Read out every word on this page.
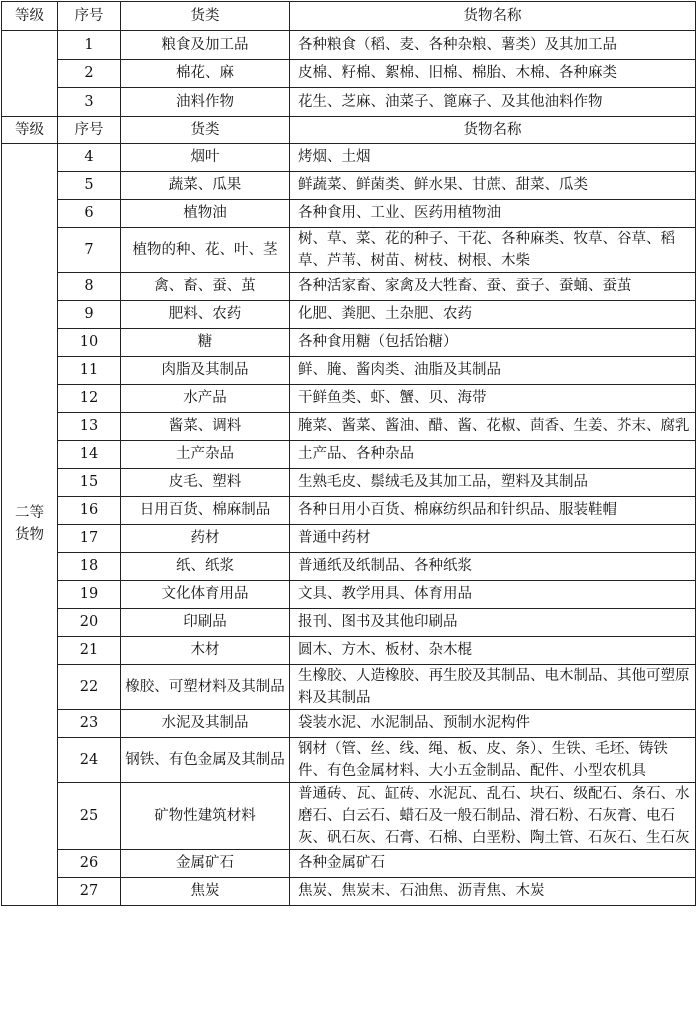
等级	序号	货类	货物名称

	1	粮食及加工品	各种粮食（稻、麦、各种杂粮、薯类）及其加工品
	2	棉花、麻	皮棉、籽棉、絮棉、旧棉、棉胎、木棉、各种麻类
	3	油料作物	花生、芝麻、油菜子、篦麻子、及其他油料作物
等级	序号	货类	货物名称

二等货物	4	烟叶	烤烟、土烟
	5	蔬菜、瓜果	鲜蔬菜、鲜菌类、鲜水果、甘蔗、甜菜、瓜类
	6	植物油	各种食用、工业、医药用植物油
	7	植物的种、花、叶、茎	树、草、菜、花的种子、干花、各种麻类、牧草、谷草、稻草、芦苇、树苗、树枝、树根、木柴
	8	禽、畜、蚕、茧	各种活家畜、家禽及大牲畜、蚕、蚕子、蚕蛹、蚕茧
	9	肥料、农药	化肥、粪肥、土杂肥、农药
	10	糖	各种食用糖（包括饴糖）
	11	肉脂及其制品	鲜、腌、酱肉类、油脂及其制品
	12	水产品	干鲜鱼类、虾、蟹、贝、海带
	13	酱菜、调料	腌菜、酱菜、酱油、醋、酱、花椒、茴香、生姜、芥末、腐乳
	14	土产杂品	土产品、各种杂品
	15	皮毛、塑料	生熟毛皮、鬃绒毛及其加工品，塑料及其制品
	16	日用百货、棉麻制品	各种日用小百货、棉麻纺织品和针织品、服装鞋帽
	17	药材	普通中药材
	18	纸、纸浆	普通纸及纸制品、各种纸浆
	19	文化体育用品	文具、教学用具、体育用品
	20	印刷品	报刊、图书及其他印刷品
	21	木材	圆木、方木、板材、杂木棍
	22	橡胶、可塑材料及其制品	生橡胶、人造橡胶、再生胶及其制品、电木制品、其他可塑原料及其制品
	23	水泥及其制品	袋装水泥、水泥制品、预制水泥构件
	24	钢铁、有色金属及其制品	钢材（管、丝、线、绳、板、皮、条）、生铁、毛坯、铸铁件、有色金属材料、大小五金制品、配件、小型农机具
	25	矿物性建筑材料	普通砖、瓦、缸砖、水泥瓦、乱石、块石、级配石、条石、水磨石、白云石、蜡石及一般石制品、滑石粉、石灰膏、电石灰、矾石灰、石膏、石棉、白垩粉、陶土管、石灰石、生石灰
	26	金属矿石	各种金属矿石
	27	焦炭	焦炭、焦炭末、石油焦、沥青焦、木炭
